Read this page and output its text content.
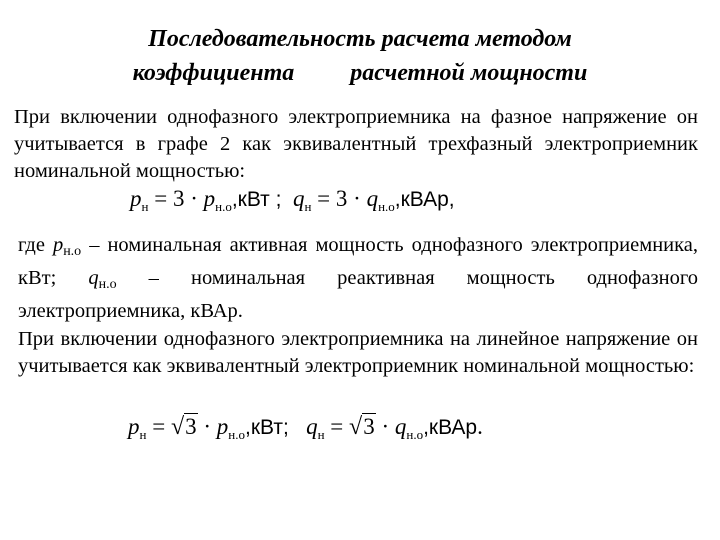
Последовательность расчета методом
коэффициента расчетной мощности
При включении однофазного электроприемника на фазное напряжение он учитывается в графе 2 как эквивалентный трехфазный электроприемник номинальной мощностью:
$p_н = 3 \cdot p_{н.о},кВт$ ; $q_н = 3$ · $q_{н.о},кВАр$,
где pн.о – номинальная активная мощность однофазного электроприемника, кВт; qн.о – номинальная реактивная мощность однофазного электроприемника, кВАр.
При включении однофазного электроприемника на линейное напряжение он учитывается как эквивалентный электроприемник номинальной мощностью:
$p_н = √3 \cdot p_{н.о},кВт$; $q_н = √3$ · $q_{н.о},кВАр$.
